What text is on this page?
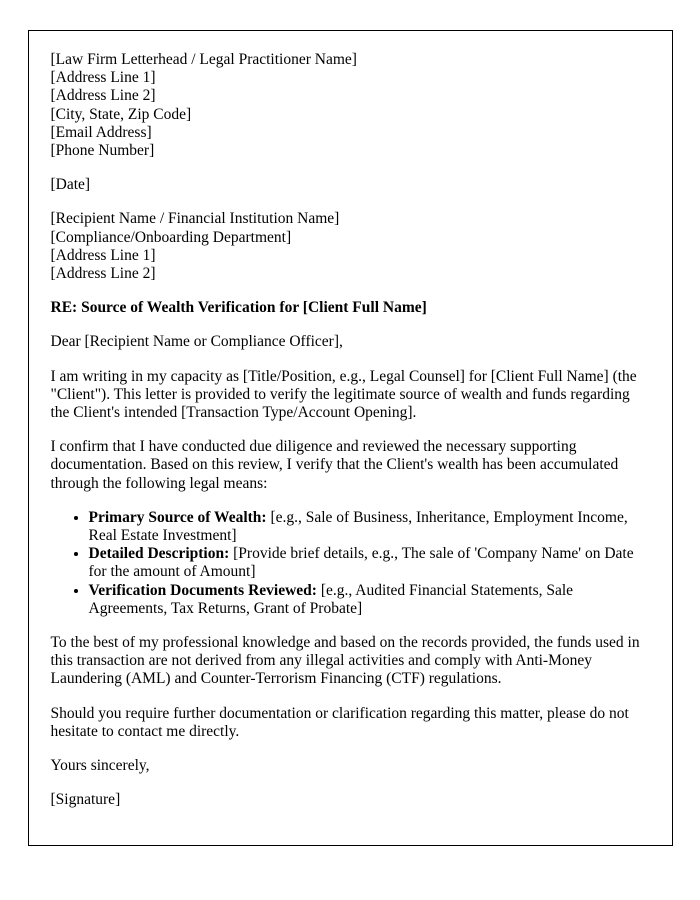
[Law Firm Letterhead / Legal Practitioner Name]
[Address Line 1]
[Address Line 2]
[City, State, Zip Code]
[Email Address]
[Phone Number]
[Date]
[Recipient Name / Financial Institution Name]
[Compliance/Onboarding Department]
[Address Line 1]
[Address Line 2]

RE: Source of Wealth Verification for [Client Full Name]

Dear [Recipient Name or Compliance Officer],

I am writing in my capacity as [Title/Position, e.g., Legal Counsel] for [Client Full Name] (the "Client"). This letter is provided to verify the legitimate source of wealth and funds regarding the Client's intended [Transaction Type/Account Opening].

I confirm that I have conducted due diligence and reviewed the necessary supporting documentation. Based on this review, I verify that the Client's wealth has been accumulated through the following legal means:

• Primary Source of Wealth: [e.g., Sale of Business, Inheritance, Employment Income, Real Estate Investment]
• Detailed Description: [Provide brief details, e.g., The sale of 'Company Name' on Date for the amount of Amount]
• Verification Documents Reviewed: [e.g., Audited Financial Statements, Sale Agreements, Tax Returns, Grant of Probate]

To the best of my professional knowledge and based on the records provided, the funds used in this transaction are not derived from any illegal activities and comply with Anti-Money Laundering (AML) and Counter-Terrorism Financing (CTF) regulations.

Should you require further documentation or clarification regarding this matter, please do not hesitate to contact me directly.

Yours sincerely,

[Signature]
